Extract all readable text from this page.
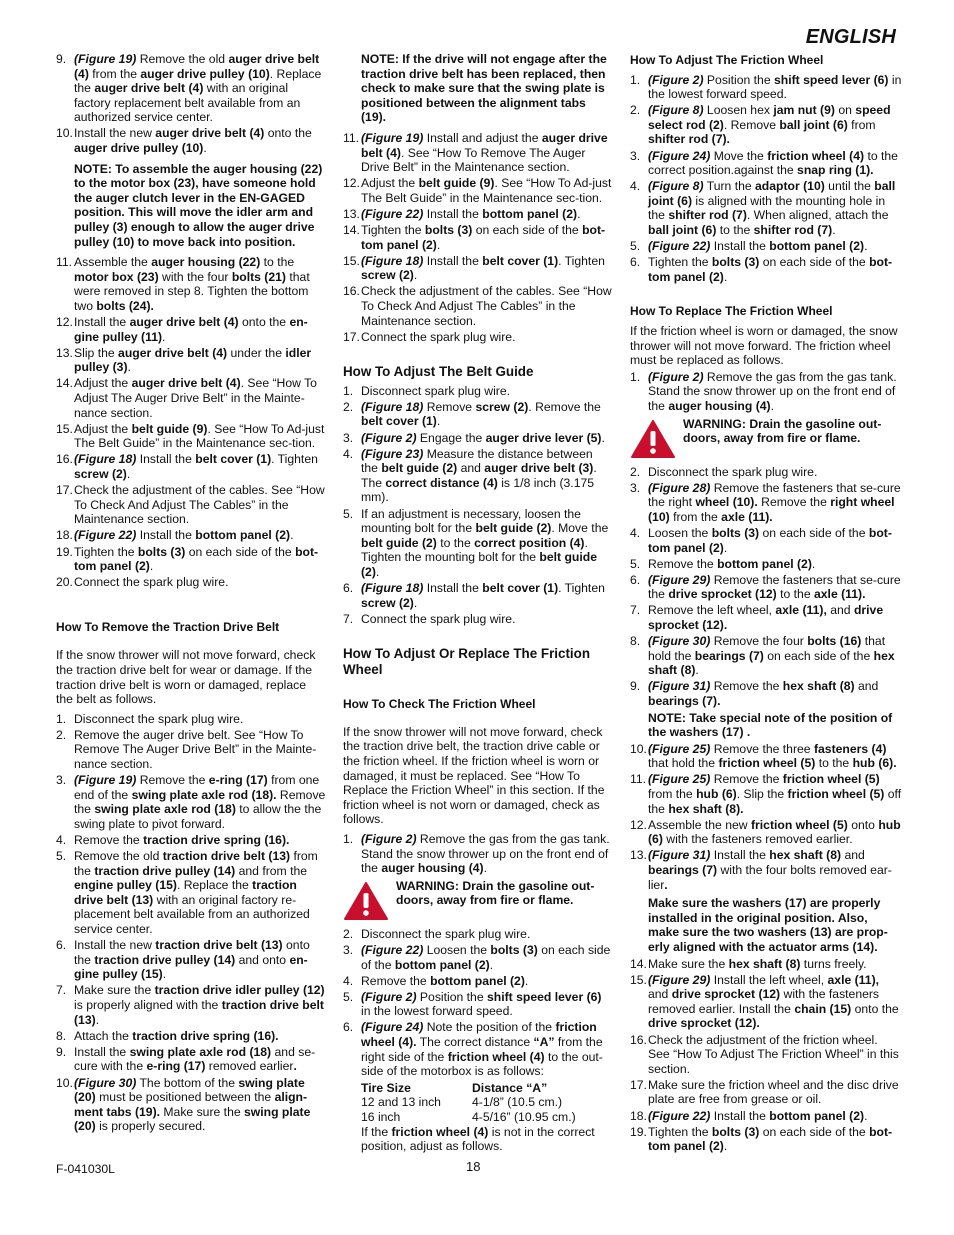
ENGLISH
9. (Figure 19) Remove the old auger drive belt (4) from the auger drive pulley (10). Replace the auger drive belt (4) with an original factory replacement belt available from an authorized service center.
10. Install the new auger drive belt (4) onto the auger drive pulley (10).

NOTE: To assemble the auger housing (22) to the motor box (23), have someone hold the auger clutch lever in the EN-GAGED position. This will move the idler arm and pulley (3) enough to allow the auger drive pulley (10) to move back into position.

11. Assemble the auger housing (22) to the motor box (23) with the four bolts (21) that were removed in step 8. Tighten the bottom two bolts (24).
12. Install the auger drive belt (4) onto the en-gine pulley (11).
13. Slip the auger drive belt (4) under the idler pulley (3).
14. Adjust the auger drive belt (4). See “How To Adjust The Auger Drive Belt” in the Mainte-nance section.
15. Adjust the belt guide (9). See “How To Ad-just The Belt Guide” in the Maintenance sec-tion.
16. (Figure 18) Install the belt cover (1). Tighten screw (2).
17. Check the adjustment of the cables. See “How To Check And Adjust The Cables” in the Maintenance section.
18. (Figure 22) Install the bottom panel (2).
19. Tighten the bolts (3) on each side of the bot-tom panel (2).
20. Connect the spark plug wire.
How To Remove the Traction Drive Belt

If the snow thrower will not move forward, check the traction drive belt for wear or damage. If the traction drive belt is worn or damaged, replace the belt as follows.

1. Disconnect the spark plug wire.
2. Remove the auger drive belt. See “How To Remove The Auger Drive Belt” in the Mainte-nance section.
3. (Figure 19) Remove the e-ring (17) from one end of the swing plate axle rod (18). Remove the swing plate axle rod (18) to allow the the swing plate to pivot forward.
4. Remove the traction drive spring (16).
5. Remove the old traction drive belt (13) from the traction drive pulley (14) and from the engine pulley (15). Replace the traction drive belt (13) with an original factory re-placement belt available from an authorized service center.
6. Install the new traction drive belt (13) onto the traction drive pulley (14) and onto en-gine pulley (15).
7. Make sure the traction drive idler pulley (12) is properly aligned with the traction drive belt (13).
8. Attach the traction drive spring (16).
9. Install the swing plate axle rod (18) and se-cure with the e-ring (17) removed earlier.
10. (Figure 30) The bottom of the swing plate (20) must be positioned between the align-ment tabs (19). Make sure the swing plate (20) is properly secured.

NOTE: If the drive will not engage after the traction drive belt has been replaced, then check to make sure that the swing plate is positioned between the alignment tabs (19).

11. (Figure 19) Install and adjust the auger drive belt (4). See “How To Remove The Auger Drive Belt” in the Maintenance section.
12. Adjust the belt guide (9). See “How To Ad-just The Belt Guide” in the Maintenance sec-tion.
13. (Figure 22) Install the bottom panel (2).
14. Tighten the bolts (3) on each side of the bot-tom panel (2).
15. (Figure 18) Install the belt cover (1). Tighten screw (2).
16. Check the adjustment of the cables. See “How To Check And Adjust The Cables” in the Maintenance section.
17. Connect the spark plug wire.
How To Adjust The Belt Guide
1. Disconnect spark plug wire.
2. (Figure 18) Remove screw (2). Remove the belt cover (1).
3. (Figure 2) Engage the auger drive lever (5).
4. (Figure 23) Measure the distance between the belt guide (2) and auger drive belt (3). The correct distance (4) is 1/8 inch (3.175 mm).
5. If an adjustment is necessary, loosen the mounting bolt for the belt guide (2). Move the belt guide (2) to the correct position (4). Tighten the mounting bolt for the belt guide (2).
6. (Figure 18) Install the belt cover (1). Tighten screw (2).
7. Connect the spark plug wire.
How To Adjust Or Replace The Friction Wheel
How To Check The Friction Wheel

If the snow thrower will not move forward, check the traction drive belt, the traction drive cable or the friction wheel. If the friction wheel is worn or damaged, it must be replaced. See “How To Replace the Friction Wheel” in this section. If the friction wheel is not worn or damaged, check as follows.

1. (Figure 2) Remove the gas from the gas tank. Stand the snow thrower up on the front end of the auger housing (4).
WARNING: Drain the gasoline out-doors, away from fire or flame.
2. Disconnect the spark plug wire.
3. (Figure 22) Loosen the bolts (3) on each side of the bottom panel (2).
4. Remove the bottom panel (2).
5. (Figure 2) Position the shift speed lever (6) in the lowest forward speed.
6. (Figure 24) Note the position of the friction wheel (4). The correct distance “A” from the right side of the friction wheel (4) to the out-side of the motorbox is as follows:
Tire Size	Distance “A”
12 and 13 inch	4-1/8” (10.5 cm.)
16 inch	4-5/16” (10.95 cm.)

If the friction wheel (4) is not in the correct position, adjust as follows.

How To Adjust The Friction Wheel
1. (Figure 2) Position the shift speed lever (6) in the lowest forward speed.
2. (Figure 8) Loosen hex jam nut (9) on speed select rod (2). Remove ball joint (6) from shifter rod (7).
3. (Figure 24) Move the friction wheel (4) to the correct position.against the snap ring (1).
4. (Figure 8) Turn the adaptor (10) until the ball joint (6) is aligned with the mounting hole in the shifter rod (7). When aligned, attach the ball joint (6) to the shifter rod (7).
5. (Figure 22) Install the bottom panel (2).
6. Tighten the bolts (3) on each side of the bot-tom panel (2).
How To Replace The Friction Wheel

If the friction wheel is worn or damaged, the snow thrower will not move forward. The friction wheel must be replaced as follows.

1. (Figure 2) Remove the gas from the gas tank. Stand the snow thrower up on the front end of the auger housing (4).
WARNING: Drain the gasoline out-doors, away from fire or flame.
2. Disconnect the spark plug wire.
3. (Figure 28) Remove the fasteners that se-cure the right wheel (10). Remove the right wheel (10) from the axle (11).
4. Loosen the bolts (3) on each side of the bot-tom panel (2).
5. Remove the bottom panel (2).
6. (Figure 29) Remove the fasteners that se-cure the drive sprocket (12) to the axle (11).
7. Remove the left wheel, axle (11), and drive sprocket (12).
8. (Figure 30) Remove the four bolts (16) that hold the bearings (7) on each side of the hex shaft (8).
9. (Figure 31) Remove the hex shaft (8) and bearings (7).

NOTE: Take special note of the position of the washers (17) .

10. (Figure 25) Remove the three fasteners (4) that hold the friction wheel (5) to the hub (6).
11. (Figure 25) Remove the friction wheel (5) from the hub (6). Slip the friction wheel (5) off the hex shaft (8).
12. Assemble the new friction wheel (5) onto hub (6) with the fasteners removed earlier.
13. (Figure 31) Install the hex shaft (8) and bearings (7) with the four bolts removed ear-lier.

Make sure the washers (17) are properly installed in the original position. Also, make sure the two washers (13) are prop-erly aligned with the actuator arms (14).

14. Make sure the hex shaft (8) turns freely.
15. (Figure 29) Install the left wheel, axle (11), and drive sprocket (12) with the fasteners removed earlier. Install the chain (15) onto the drive sprocket (12).
16. Check the adjustment of the friction wheel. See “How To Adjust The Friction Wheel” in this section.
17. Make sure the friction wheel and the disc drive plate are free from grease or oil.
18. (Figure 22) Install the bottom panel (2).
19. Tighten the bolts (3) on each side of the bot-tom panel (2).
F-041030L	18
